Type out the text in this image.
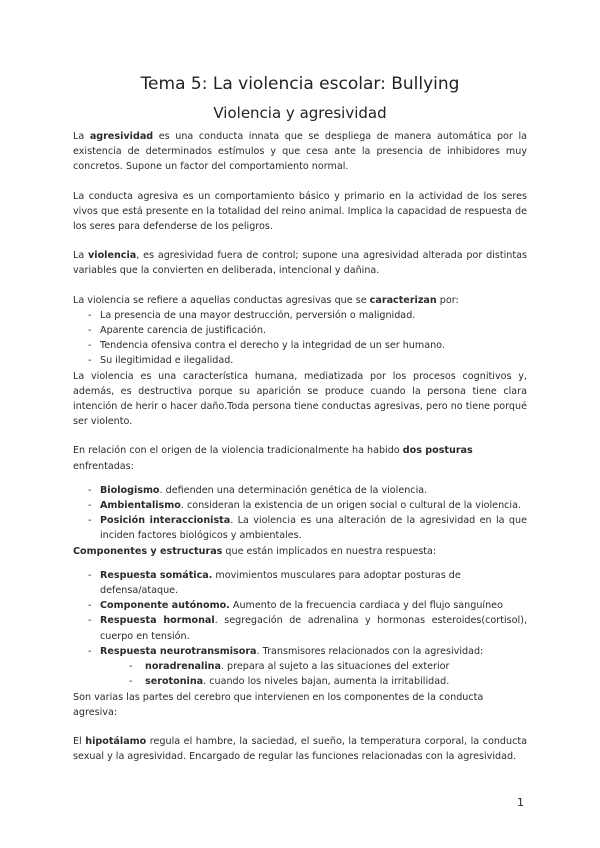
Tema 5: La violencia escolar: Bullying
Violencia y agresividad

La agresividad es una conducta innata que se despliega de manera automática por la existencia de determinados estímulos y que cesa ante la presencia de inhibidores muy concretos. Supone un factor del comportamiento normal.

La conducta agresiva es un comportamiento básico y primario en la actividad de los seres vivos que está presente en la totalidad del reino animal. Implica la capacidad de respuesta de los seres para defenderse de los peligros.

La violencia, es agresividad fuera de control; supone una agresividad alterada por distintas variables que la convierten en deliberada, intencional y dañina.

La violencia se refiere a aquellas conductas agresivas que se caracterizan por:

- La presencia de una mayor destrucción, perversión o malignidad.
- Aparente carencia de justificación.
- Tendencia ofensiva contra el derecho y la integridad de un ser humano.
- Su ilegitimidad e ilegalidad.

La violencia es una característica humana, mediatizada por los procesos cognitivos y, además, es destructiva porque su aparición se produce cuando la persona tiene clara intención de herir o hacer daño.Toda persona tiene conductas agresivas, pero no tiene porqué ser violento.

En relación con el origen de la violencia tradicionalmente ha habido dos posturas enfrentadas:

- Biologismo. defienden una determinación genética de la violencia.
- Ambientalismo. consideran la existencia de un origen social o cultural de la violencia.
- Posición interaccionista. La violencia es una alteración de la agresividad en la que inciden factores biológicos y ambientales.

Componentes y estructuras que están implicados en nuestra respuesta:

- Respuesta somática. movimientos musculares para adoptar posturas de defensa/ataque.
- Componente autónomo. Aumento de la frecuencia cardiaca y del flujo sanguíneo
- Respuesta hormonal. segregación de adrenalina y hormonas esteroides(cortisol), cuerpo en tensión.
- Respuesta neurotransmisora. Transmisores relacionados con la agresividad:
- noradrenalina. prepara al sujeto a las situaciones del exterior
- serotonina. cuando los niveles bajan, aumenta la irritabilidad.

Son varias las partes del cerebro que intervienen en los componentes de la conducta agresiva:

El hipotálamo regula el hambre, la saciedad, el sueño, la temperatura corporal, la conducta sexual y la agresividad. Encargado de regular las funciones relacionadas con la agresividad.

1
